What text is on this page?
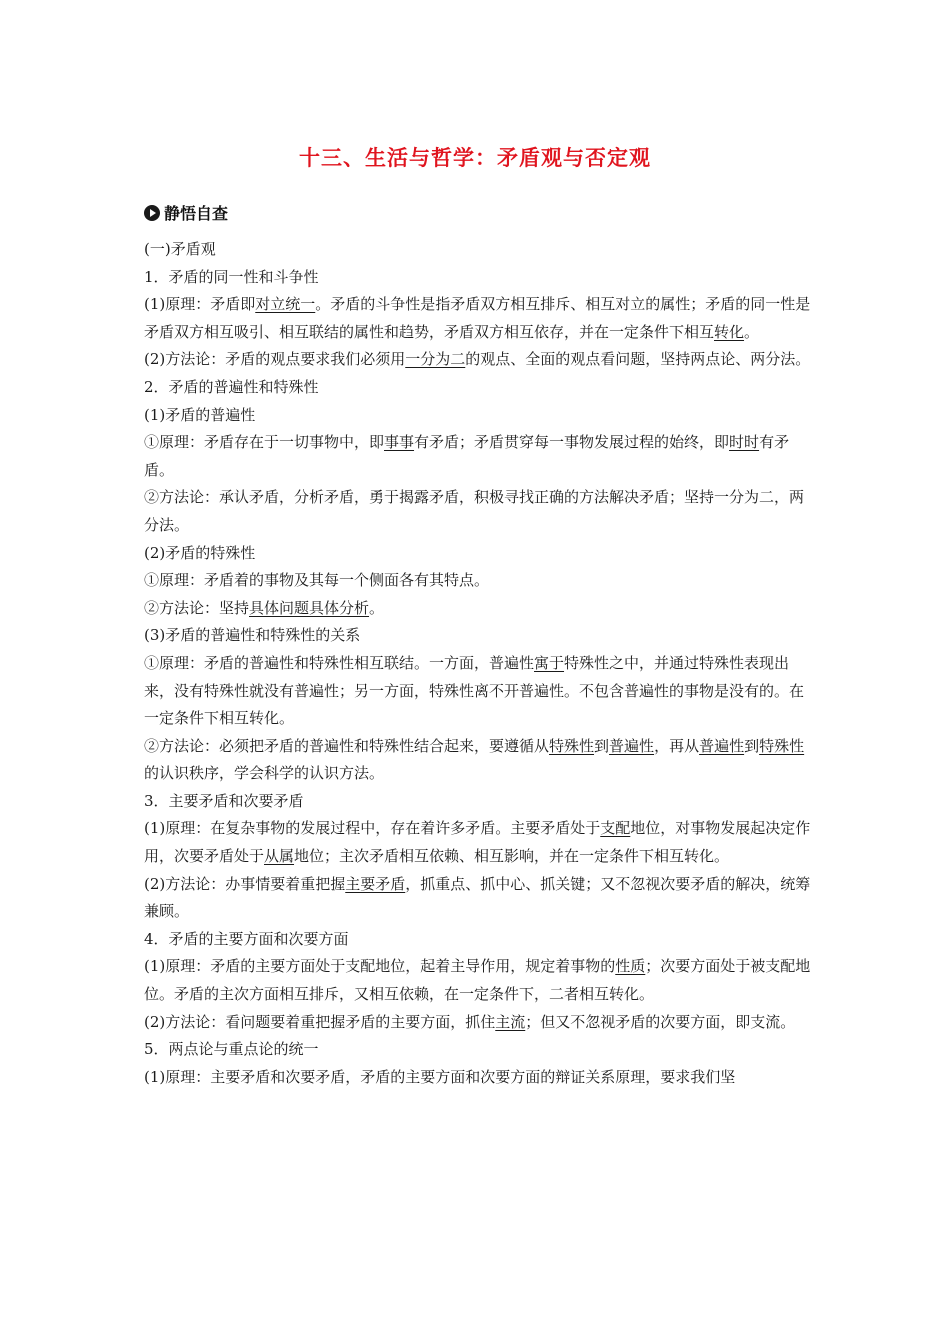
十三、生活与哲学：矛盾观与否定观
静悟自查

(一)矛盾观

1．矛盾的同一性和斗争性

(1)原理：矛盾即对立统一。矛盾的斗争性是指矛盾双方相互排斥、相互对立的属性；矛盾的同一性是矛盾双方相互吸引、相互联结的属性和趋势，矛盾双方相互依存，并在一定条件下相互转化。

(2)方法论：矛盾的观点要求我们必须用一分为二的观点、全面的观点看问题，坚持两点论、两分法。

2．矛盾的普遍性和特殊性

(1)矛盾的普遍性

①原理：矛盾存在于一切事物中，即事事有矛盾；矛盾贯穿每一事物发展过程的始终，即时时有矛盾。

②方法论：承认矛盾，分析矛盾，勇于揭露矛盾，积极寻找正确的方法解决矛盾；坚持一分为二，两分法。

(2)矛盾的特殊性

①原理：矛盾着的事物及其每一个侧面各有其特点。

②方法论：坚持具体问题具体分析。

(3)矛盾的普遍性和特殊性的关系

①原理：矛盾的普遍性和特殊性相互联结。一方面，普遍性寓于特殊性之中，并通过特殊性表现出来，没有特殊性就没有普遍性；另一方面，特殊性离不开普遍性。不包含普遍性的事物是没有的。在一定条件下相互转化。

②方法论：必须把矛盾的普遍性和特殊性结合起来，要遵循从特殊性到普遍性，再从普遍性到特殊性的认识秩序，学会科学的认识方法。

3．主要矛盾和次要矛盾

(1)原理：在复杂事物的发展过程中，存在着许多矛盾。主要矛盾处于支配地位，对事物发展起决定作用，次要矛盾处于从属地位；主次矛盾相互依赖、相互影响，并在一定条件下相互转化。

(2)方法论：办事情要着重把握主要矛盾，抓重点、抓中心、抓关键；又不忽视次要矛盾的解决，统筹兼顾。

4．矛盾的主要方面和次要方面

(1)原理：矛盾的主要方面处于支配地位，起着主导作用，规定着事物的性质；次要方面处于被支配地位。矛盾的主次方面相互排斥，又相互依赖，在一定条件下，二者相互转化。

(2)方法论：看问题要着重把握矛盾的主要方面，抓住主流；但又不忽视矛盾的次要方面，即支流。

5．两点论与重点论的统一

(1)原理：主要矛盾和次要矛盾，矛盾的主要方面和次要方面的辩证关系原理，要求我们坚
